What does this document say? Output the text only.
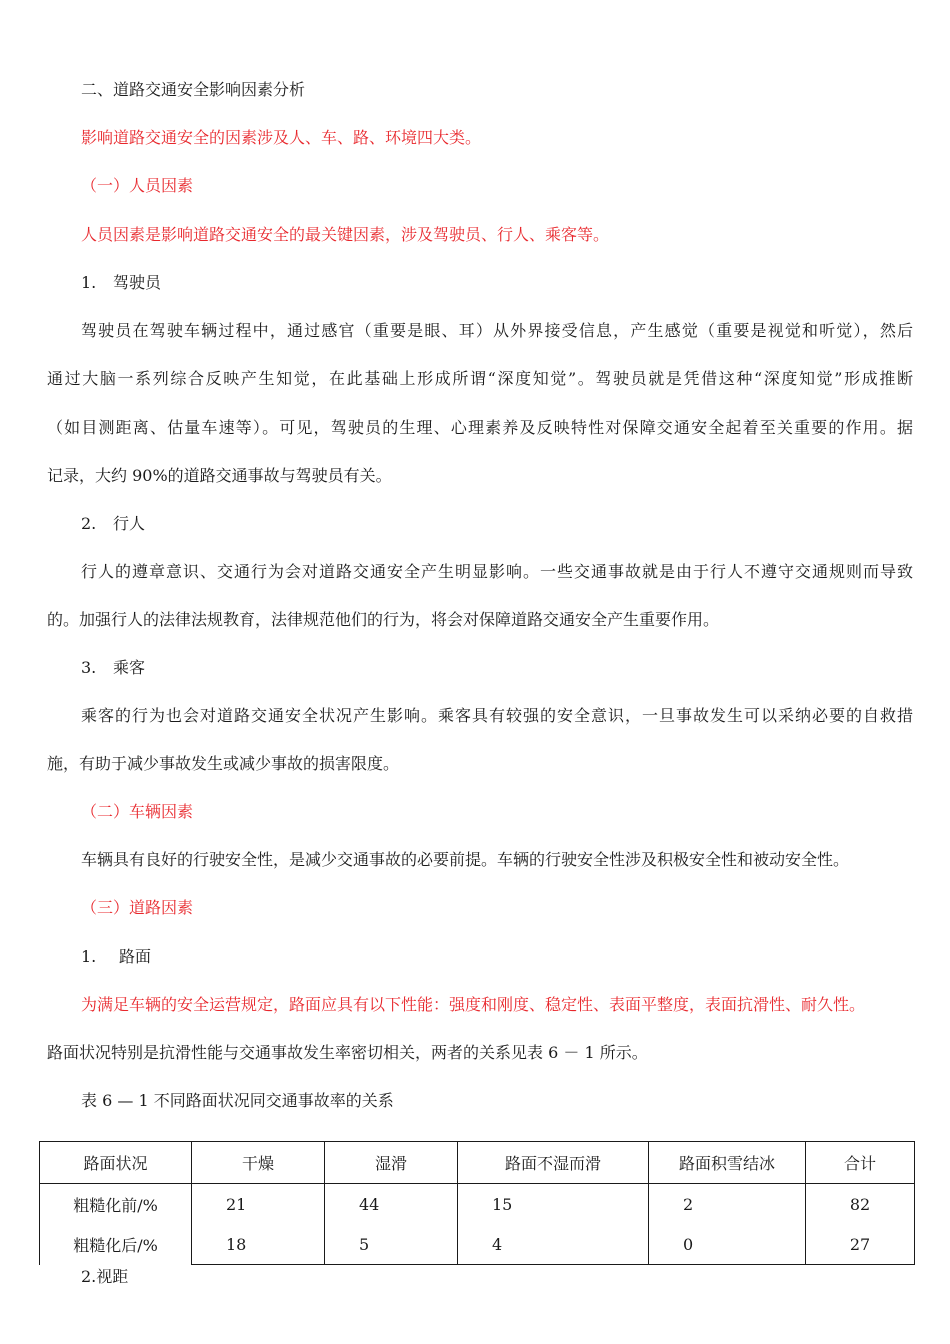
二、道路交通安全影响因素分析
影响道路交通安全的因素涉及人、车、路、环境四大类。
（一）人员因素
人员因素是影响道路交通安全的最关键因素，涉及驾驶员、行人、乘客等。
1. 驾驶员
驾驶员在驾驶车辆过程中，通过感官（重要是眼、耳）从外界接受信息，产生感觉（重要是视觉和听觉），然后
通过大脑一系列综合反映产生知觉，在此基础上形成所谓“深度知觉”。驾驶员就是凭借这种“深度知觉”形成推断
（如目测距离、估量车速等）。可见，驾驶员的生理、心理素养及反映特性对保障交通安全起着至关重要的作用。据
记录，大约 90%的道路交通事故与驾驶员有关。
2. 行人
行人的遵章意识、交通行为会对道路交通安全产生明显影响。一些交通事故就是由于行人不遵守交通规则而导致
的。加强行人的法律法规教育，法律规范他们的行为，将会对保障道路交通安全产生重要作用。
3. 乘客
乘客的行为也会对道路交通安全状况产生影响。乘客具有较强的安全意识，一旦事故发生可以采纳必要的自救措
施，有助于减少事故发生或减少事故的损害限度。
（二）车辆因素
车辆具有良好的行驶安全性，是减少交通事故的必要前提。车辆的行驶安全性涉及积极安全性和被动安全性。
（三）道路因素
1. 路面
为满足车辆的安全运营规定，路面应具有以下性能：强度和刚度、稳定性、表面平整度，表面抗滑性、耐久性。
路面状况特别是抗滑性能与交通事故发生率密切相关，两者的关系见表 6 － 1 所示。
表 6 — 1 不同路面状况同交通事故率的关系
路面状况	干燥	湿滑	路面不湿而滑	路面积雪结冰	合计
粗糙化前/%	21	44	15	2	82
粗糙化后/%	18	5	4	0	27
2.视距
